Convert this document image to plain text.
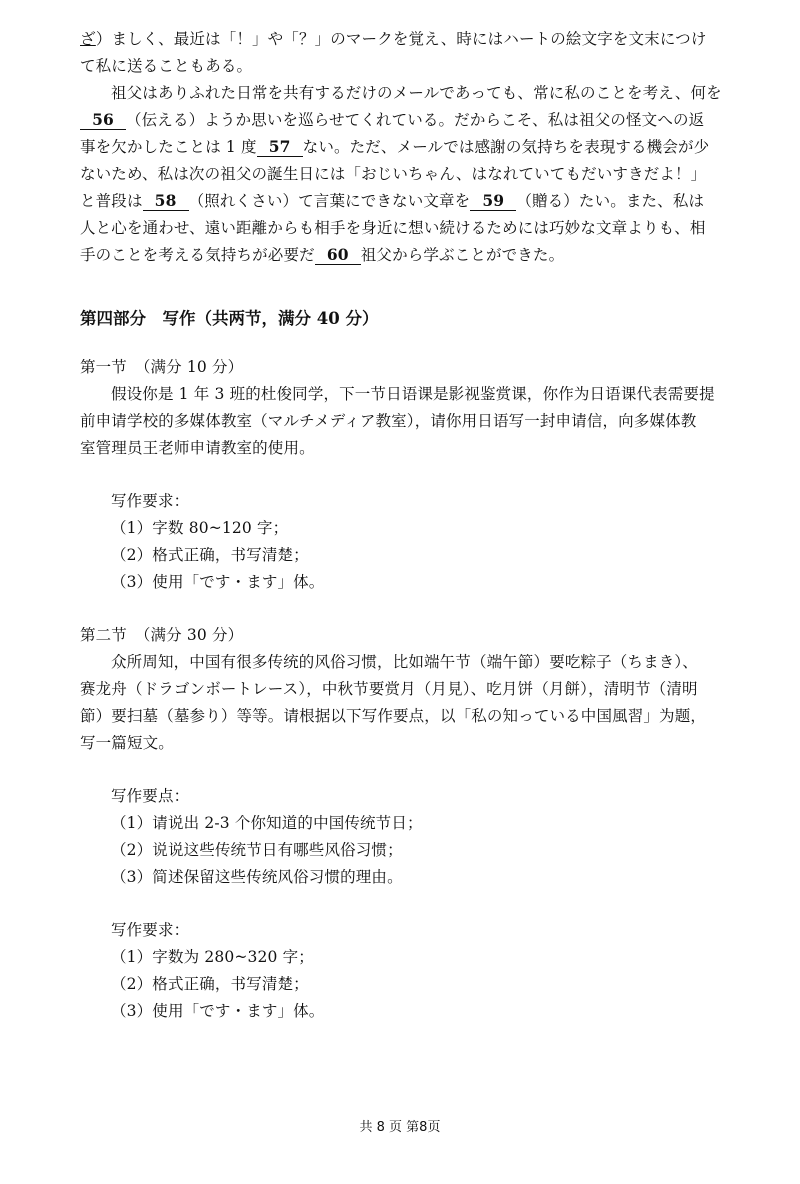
ざ）ましく、最近は「！」や「？」のマークを覚え、時にはハートの絵文字を文末につけ
て私に送ることもある。
祖父はありふれた日常を共有するだけのメールであっても、常に私のことを考え、何を
56 （伝える）ようか思いを巡らせてくれている。だからこそ、私は祖父の怪文への返
事を欠かしたことは 1 度 57 ない。ただ、メールでは感謝の気持ちを表現する機会が少
ないため、私は次の祖父の誕生日には「おじいちゃん、はなれていてもだいすきだよ！」
と普段は 58 （照れくさい）て言葉にできない文章を 59 （贈る）たい。また、私は
人と心を通わせ、遠い距離からも相手を身近に想い続けるためには巧妙な文章よりも、相
手のことを考える気持ちが必要だ 60 祖父から学ぶことができた。
第四部分　写作（共两节，满分 40 分）
第一节　（满分 10 分）
假设你是 1 年 3 班的杜俊同学，下一节日语课是影视鉴赏课，你作为日语课代表需要提
前申请学校的多媒体教室（マルチメディア教室），请你用日语写一封申请信，向多媒体教
室管理员王老师申请教室的使用。
写作要求：
（1）字数 80~120 字；
（2）格式正确，书写清楚；
（3）使用「です・ます」体。
第二节　（满分 30 分）
众所周知，中国有很多传统的风俗习惯，比如端午节（端午節）要吃粽子（ちまき）、
赛龙舟（ドラゴンボートレース），中秋节要赏月（月見）、吃月饼（月餅），清明节（清明
節）要扫墓（墓参り）等等。请根据以下写作要点，以「私の知っている中国風習」为题，
写一篇短文。
写作要点：
（1）请说出 2-3 个你知道的中国传统节日；
（2）说说这些传统节日有哪些风俗习惯；
（3）简述保留这些传统风俗习惯的理由。
写作要求：
（1）字数为 280~320 字；
（2）格式正确，书写清楚；
（3）使用「です・ます」体。
共 8 页 第8页
